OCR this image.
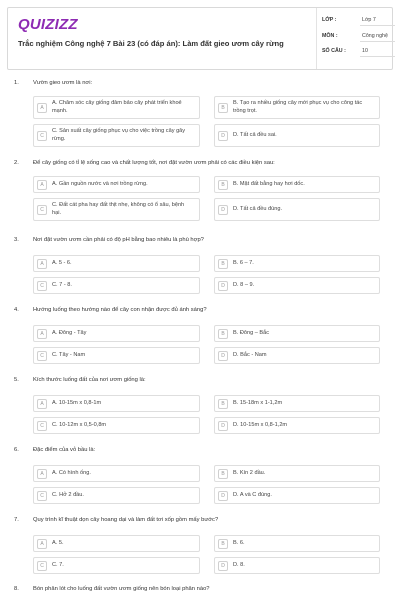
QUIZIZZ
Trắc nghiệm Công nghệ 7 Bài 23 (có đáp án): Làm đất gieo ươm cây rừng
LỚP :	Lớp 7
MÔN :	Công nghệ
SỐ CÂU :	10
1. Vườn gieo ươm là nơi:
A
A. Chăm sóc cây giống đảm bảo cây phát triển khoẻ mạnh.	B
B. Tạo ra nhiều giống cây mới phục vụ cho công tác trồng trọt.
C
C. Sản xuất cây giống phục vụ cho việc trồng cây gây rừng.	D	D. Tất cả đều sai.
2. Để cây giống có tỉ lệ sống cao và chất lượng tốt, nơi đặt vườn ươm phải có các điều kiện sau:
A	A. Gần nguồn nước và nơi trồng rừng.	B	B. Mặt đất bằng hay hơi dốc.
C
C. Đất cát pha hay đất thịt nhẹ, không có ổ sâu, bệnh hại.	D	D. Tất cả đều đúng.
3. Nơi đặt vườn ươm cần phải có độ pH bằng bao nhiêu là phù hợp?
A	A. 5 - 6.	B	B. 6 – 7.
C	C. 7 - 8.	D	D. 8 – 9.
4. Hướng luống theo hướng nào để cây con nhận được đủ ánh sáng?
A	A. Đông - Tây	B	B. Đông – Bắc
C	C. Tây - Nam	D	D. Bắc - Nam
5. Kích thước luống đất của nơi ươm giống là:
A	A. 10-15m x 0,8-1m	B	B. 15-18m x 1-1,2m
C	C. 10-12m x 0,5-0,8m	D	D. 10-15m x 0,8-1,2m
6. Đặc điểm của vỏ bầu là:
A	A. Có hình ống.	B	B. Kín 2 đầu.
C	C. Hở 2 đầu.	D	D. A và C đúng.
7. Quy trình kĩ thuật dọn cây hoang dại và làm đất tơi xốp gồm mấy bước?
A	A. 5.	B	B. 6.
C	C. 7.	D	D. 8.
8. Bón phân lót cho luống đất vườn ươm giống nên bón loại phân nào?
